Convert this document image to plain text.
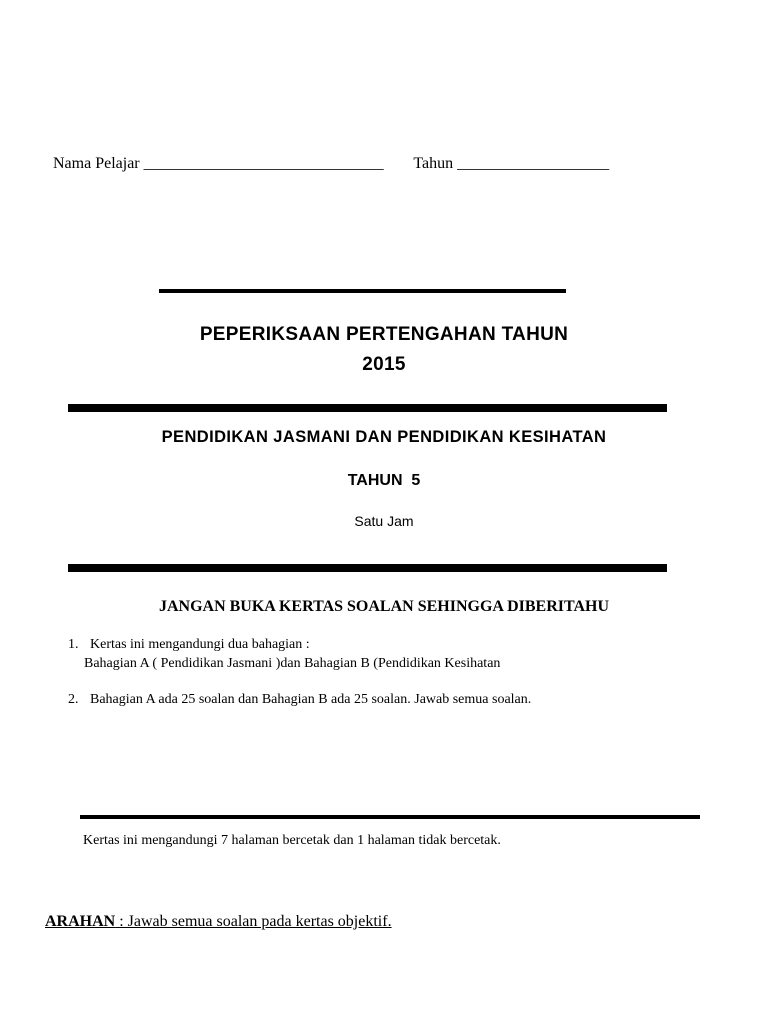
Nama Pelajar ______________________________ Tahun ___________________
PEPERIKSAAN PERTENGAHAN TAHUN
2015
PENDIDIKAN JASMANI DAN PENDIDIKAN KESIHATAN
TAHUN  5
Satu Jam
JANGAN BUKA KERTAS SOALAN SEHINGGA DIBERITAHU
1. Kertas ini mengandungi dua bahagian :
Bahagian A ( Pendidikan Jasmani )dan Bahagian B (Pendidikan Kesihatan
2. Bahagian A ada 25 soalan dan Bahagian B ada 25 soalan. Jawab semua soalan.
Kertas ini mengandungi 7 halaman bercetak dan 1 halaman tidak bercetak.
ARAHAN : Jawab semua soalan pada kertas objektif.
